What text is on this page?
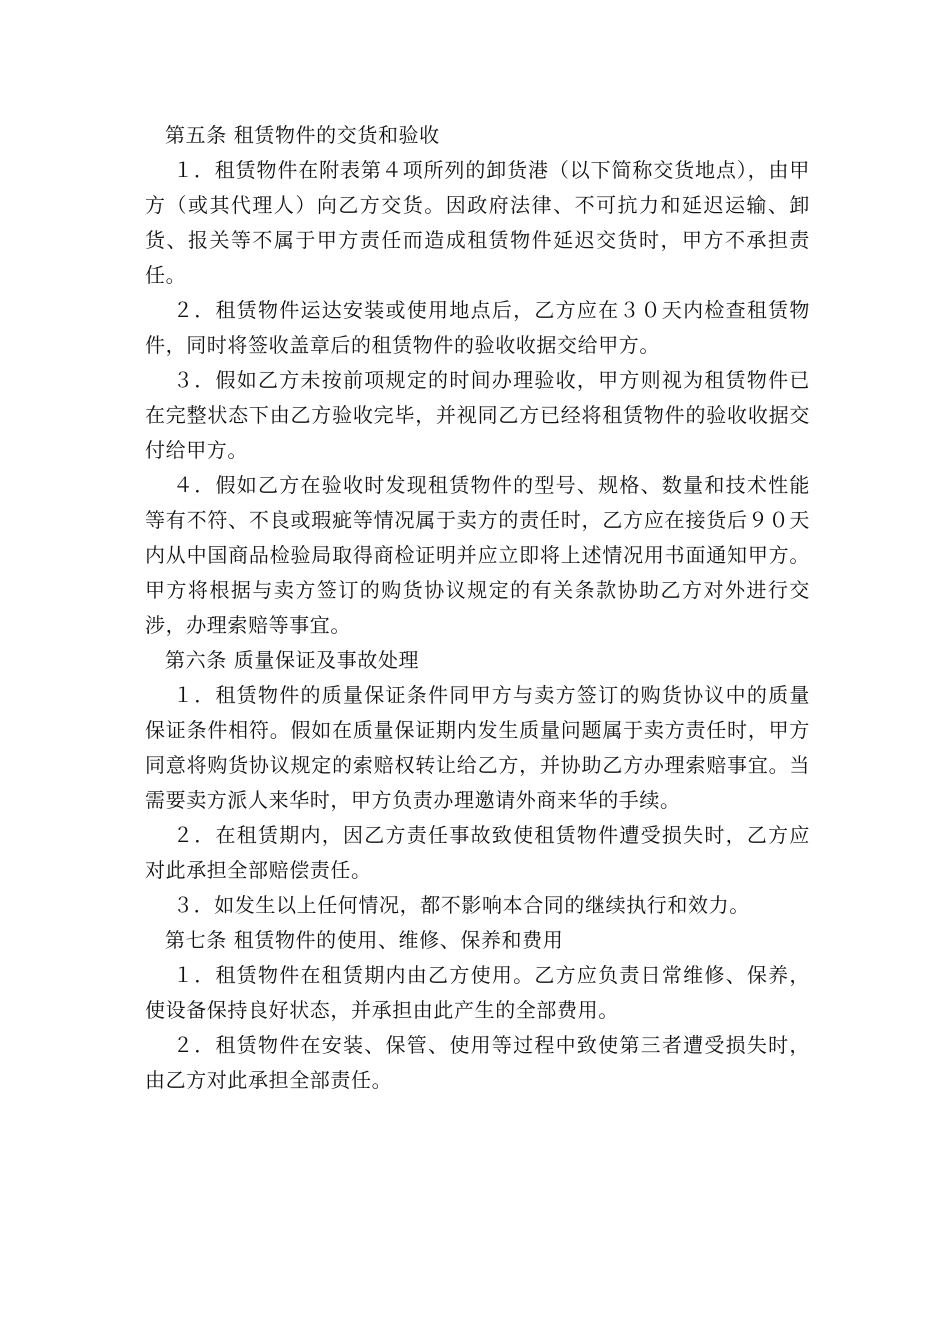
第五条 租赁物件的交货和验收

１．租赁物件在附表第４项所列的卸货港（以下简称交货地点），由甲方（或其代理人）向乙方交货。因政府法律、不可抗力和延迟运输、卸货、报关等不属于甲方责任而造成租赁物件延迟交货时，甲方不承担责任。

２．租赁物件运达安装或使用地点后，乙方应在３０天内检查租赁物件，同时将签收盖章后的租赁物件的验收收据交给甲方。

３．假如乙方未按前项规定的时间办理验收，甲方则视为租赁物件已在完整状态下由乙方验收完毕，并视同乙方已经将租赁物件的验收收据交付给甲方。

４．假如乙方在验收时发现租赁物件的型号、规格、数量和技术性能等有不符、不良或瑕疵等情况属于卖方的责任时，乙方应在接货后９０天内从中国商品检验局取得商检证明并应立即将上述情况用书面通知甲方。甲方将根据与卖方签订的购货协议规定的有关条款协助乙方对外进行交涉，办理索赔等事宜。

第六条 质量保证及事故处理

１．租赁物件的质量保证条件同甲方与卖方签订的购货协议中的质量保证条件相符。假如在质量保证期内发生质量问题属于卖方责任时，甲方同意将购货协议规定的索赔权转让给乙方，并协助乙方办理索赔事宜。当需要卖方派人来华时，甲方负责办理邀请外商来华的手续。

２．在租赁期内，因乙方责任事故致使租赁物件遭受损失时，乙方应对此承担全部赔偿责任。

３．如发生以上任何情况，都不影响本合同的继续执行和效力。

第七条 租赁物件的使用、维修、保养和费用

１．租赁物件在租赁期内由乙方使用。乙方应负责日常维修、保养，使设备保持良好状态，并承担由此产生的全部费用。

２．租赁物件在安装、保管、使用等过程中致使第三者遭受损失时，由乙方对此承担全部责任。
